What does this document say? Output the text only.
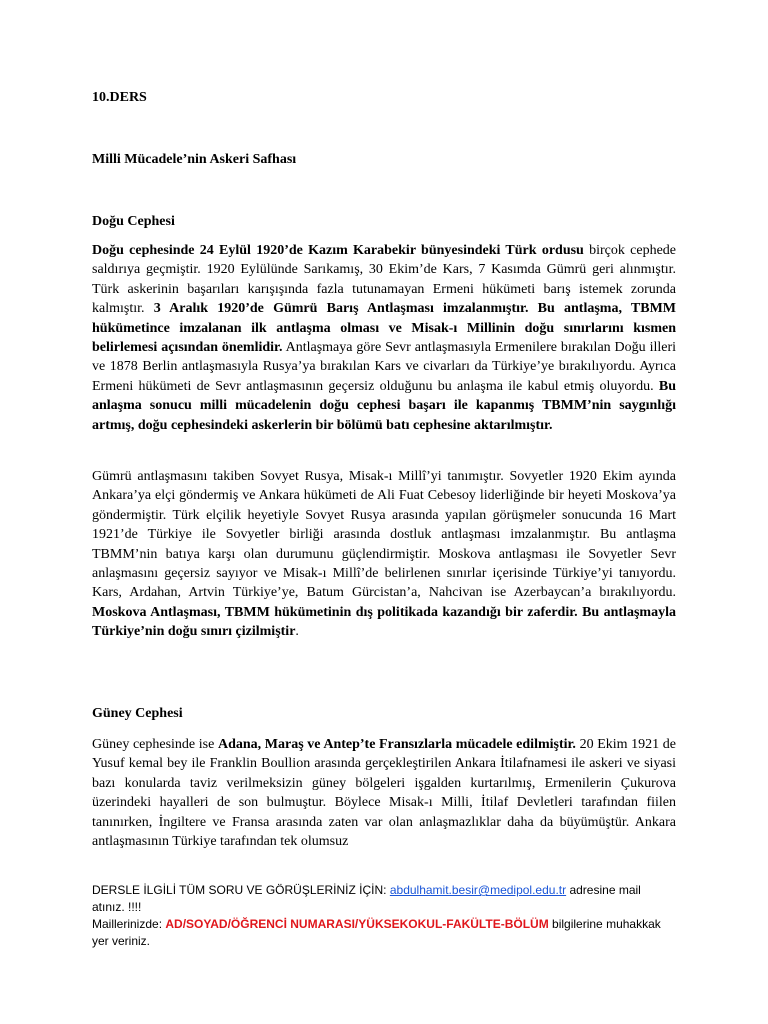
10.DERS
Milli Mücadele’nin Askeri Safhası
Doğu Cephesi
Doğu cephesinde 24 Eylül 1920’de Kazım Karabekir bünyesindeki Türk ordusu birçok cephede saldırıya geçmiştir. 1920 Eylülünde Sarıkamış, 30 Ekim’de Kars, 7 Kasımda Gümrü geri alınmıştır. Türk askerinin başarıları karışışında fazla tutunamayan Ermeni hükümeti barış istemek zorunda kalmıştır. 3 Aralık 1920’de Gümrü Barış Antlaşması imzalanmıştır. Bu antlaşma, TBMM hükümetince imzalanan ilk antlaşma olması ve Misak-ı Millinin doğu sınırlarını kısmen belirlemesi açısından önemlidir. Antlaşmaya göre Sevr antlaşmasıyla Ermenilere bırakılan Doğu illeri ve 1878 Berlin antlaşmasıyla Rusya’ya bırakılan Kars ve civarları da Türkiye’ye bırakılıyordu. Ayrıca Ermeni hükümeti de Sevr antlaşmasının geçersiz olduğunu bu anlaşma ile kabul etmiş oluyordu. Bu anlaşma sonucu milli mücadelenin doğu cephesi başarı ile kapanmış TBMM’nin saygınlığı artmış, doğu cephesindeki askerlerin bir bölümü batı cephesine aktarılmıştır.
Gümrü antlaşmasını takiben Sovyet Rusya, Misak-ı Millî’yi tanımıştır. Sovyetler 1920 Ekim ayında Ankara’ya elçi göndermiş ve Ankara hükümeti de Ali Fuat Cebesoy liderliğinde bir heyeti Moskova’ya göndermiştir. Türk elçilik heyetiyle Sovyet Rusya arasında yapılan görüşmeler sonucunda 16 Mart 1921’de Türkiye ile Sovyetler birliği arasında dostluk antlaşması imzalanmıştır. Bu antlaşma TBMM’nin batıya karşı olan durumunu güçlendirmiştir. Moskova antlaşması ile Sovyetler Sevr anlaşmasını geçersiz sayıyor ve Misak-ı Millî’de belirlenen sınırlar içerisinde Türkiye’yi tanıyordu. Kars, Ardahan, Artvin Türkiye’ye, Batum Gürcistan’a, Nahcivan ise Azerbaycan’a bırakılıyordu. Moskova Antlaşması, TBMM hükümetinin dış politikada kazandığı bir zaferdir. Bu antlaşmayla Türkiye’nin doğu sınırı çizilmiştir.
Güney Cephesi
Güney cephesinde ise Adana, Maraş ve Antep’te Fransızlarla mücadele edilmiştir. 20 Ekim 1921 de Yusuf kemal bey ile Franklin Boullion arasında gerçekleştirilen Ankara İtilafnamesi ile askeri ve siyasi bazı konularda taviz verilmeksizin güney bölgeleri işgalden kurtarılmış, Ermenilerin Çukurova üzerindeki hayalleri de son bulmuştur. Böylece Misak-ı Milli, İtilaf Devletleri tarafından fiilen tanınırken, İngiltere ve Fransa arasında zaten var olan anlaşmazlıklar daha da büyümüştür. Ankara antlaşmasının Türkiye tarafından tek olumsuz
DERSLE İLGİLİ TÜM SORU VE GÖRÜŞLERİNİZ İÇİN: abdulhamit.besir@medipol.edu.tr adresine mail atınız. !!!!
Maillerinizde: AD/SOYAD/ÖĞRENCİ NUMARASI/YÜKSEKOKUL-FAKÜLTE-BÖLÜM bilgilerine muhakkak yer veriniz.
